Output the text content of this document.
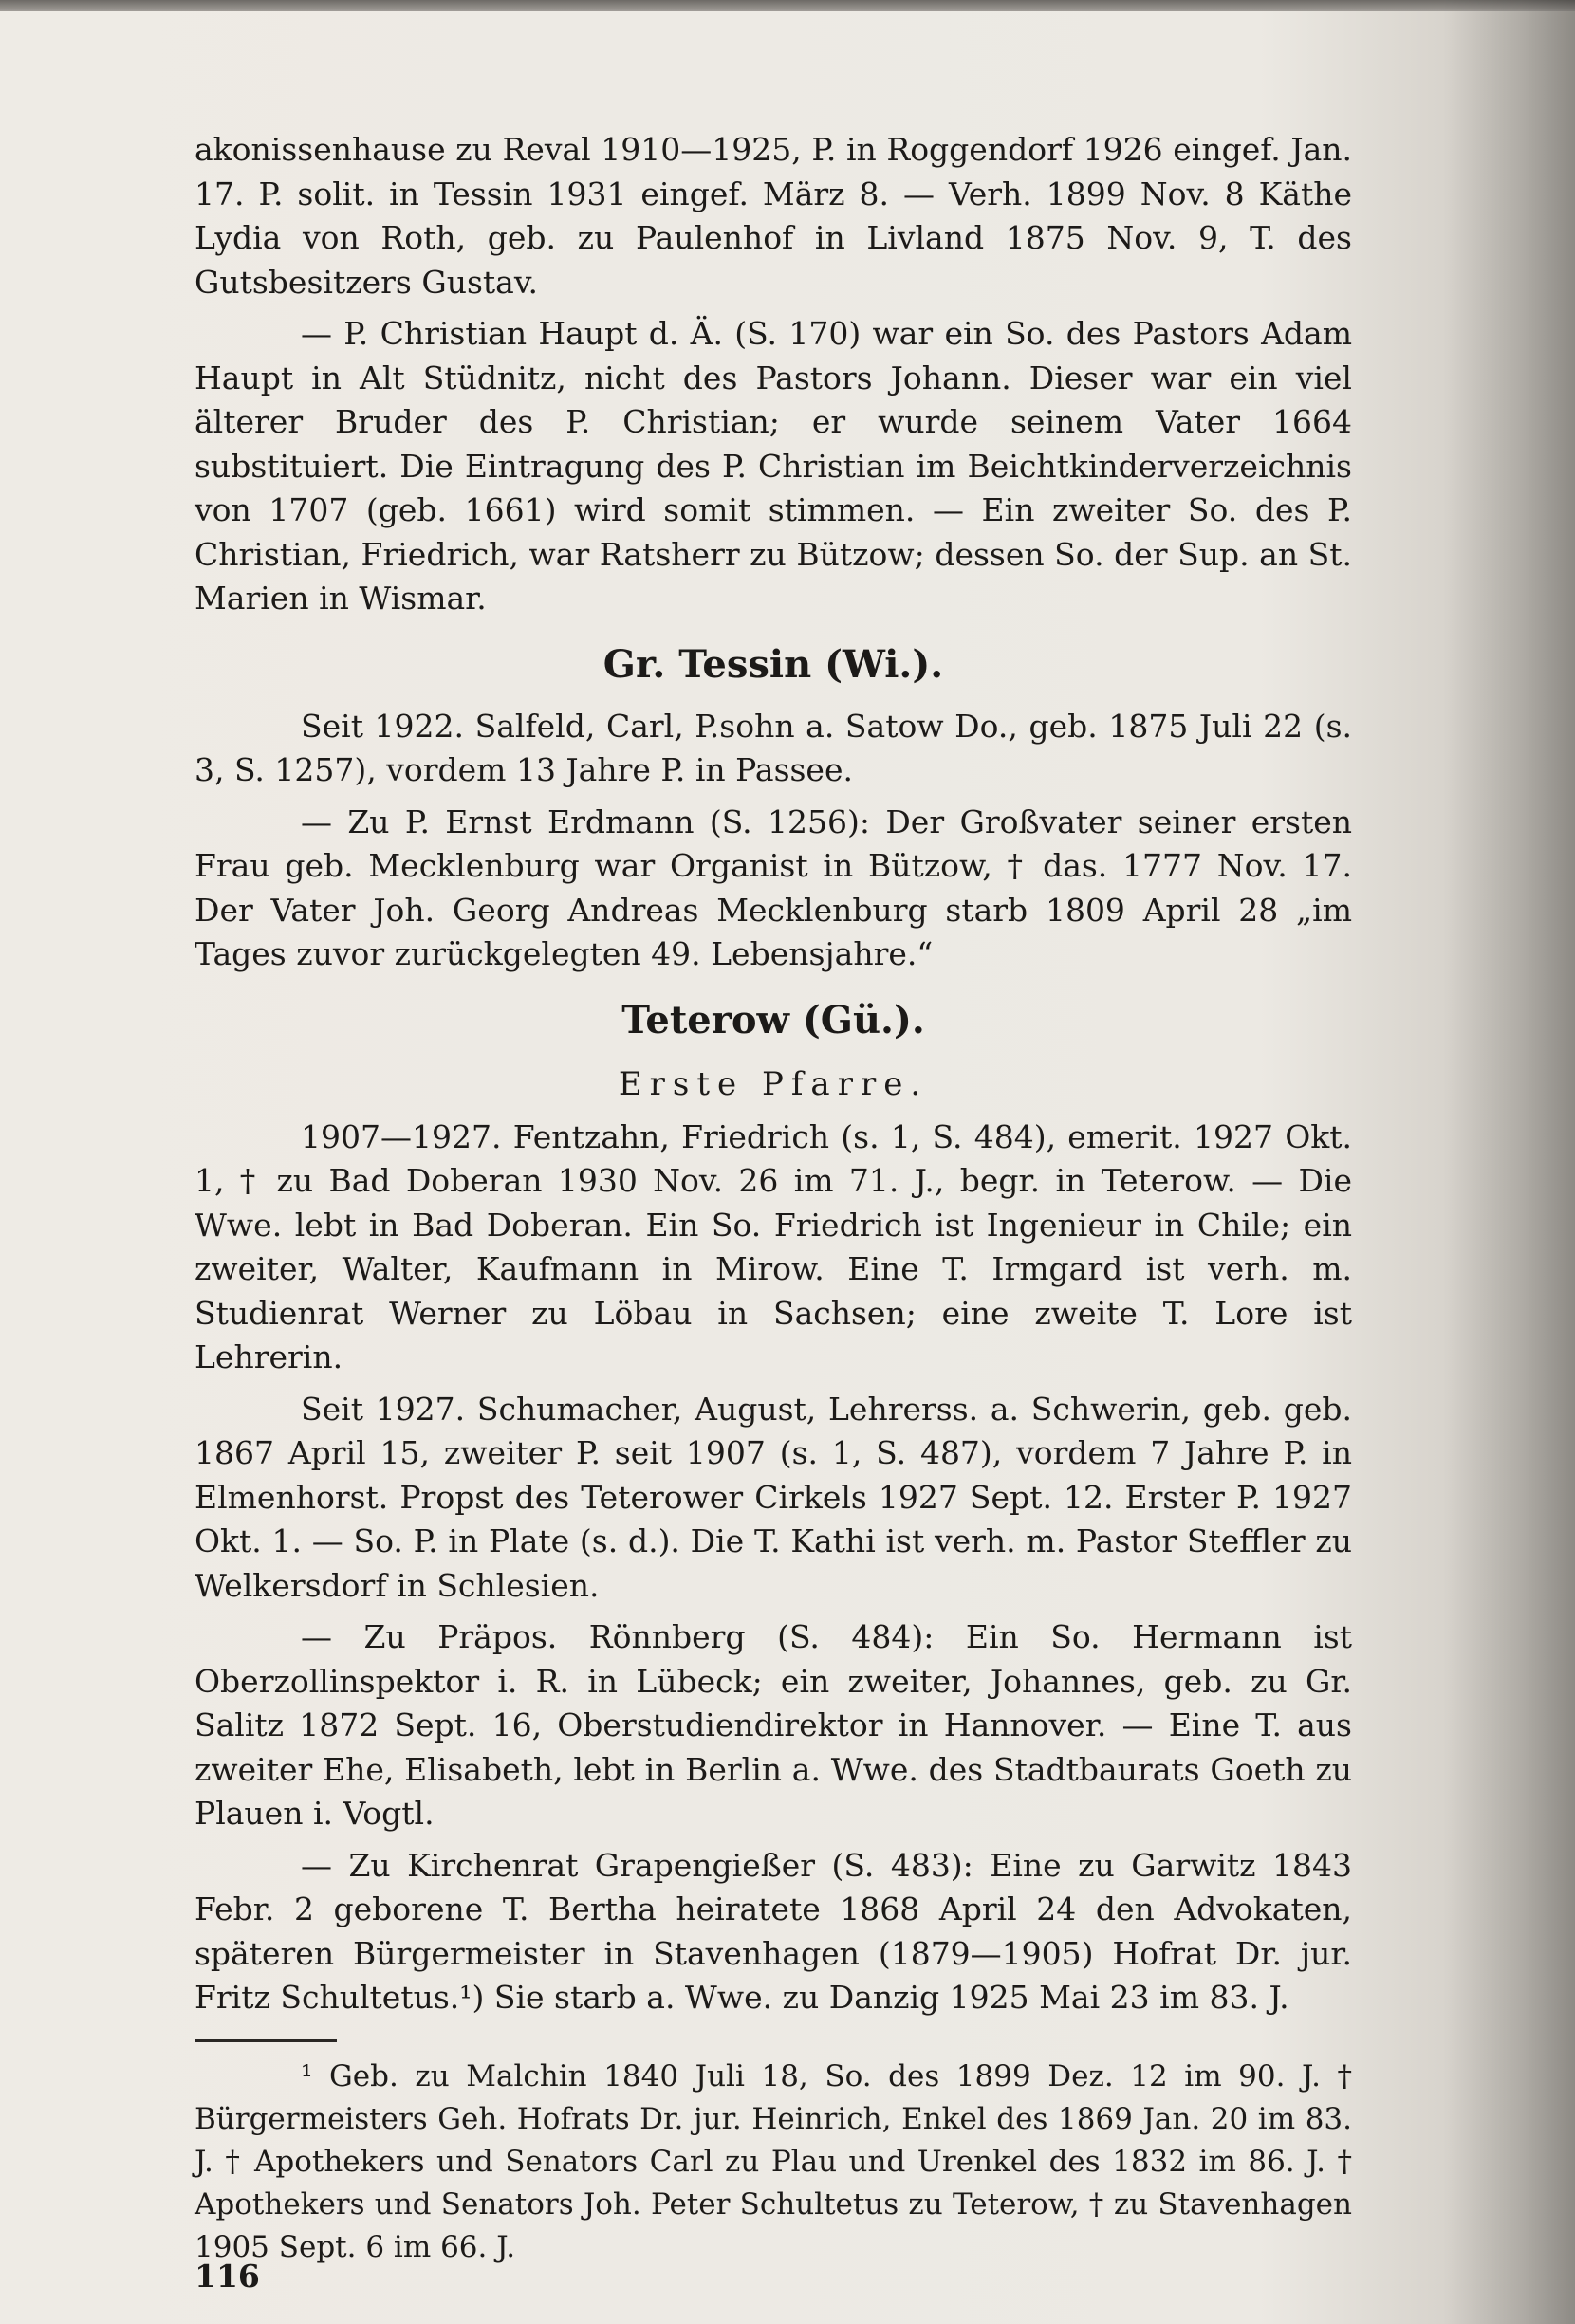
akonissenhause zu Reval 1910—1925, P. in Roggendorf 1926 eingef. Jan. 17. P. solit. in Tessin 1931 eingef. März 8. — Verh. 1899 Nov. 8 Käthe Lydia von Roth, geb. zu Paulenhof in Livland 1875 Nov. 9, T. des Gutsbesitzers Gustav.

— P. Christian Haupt d. Ä. (S. 170) war ein So. des Pastors Adam Haupt in Alt Stüdnitz, nicht des Pastors Johann. Dieser war ein viel älterer Bruder des P. Christian; er wurde seinem Vater 1664 substituiert. Die Eintragung des P. Christian im Beichtkinderverzeichnis von 1707 (geb. 1661) wird somit stimmen. — Ein zweiter So. des P. Christian, Friedrich, war Ratsherr zu Bützow; dessen So. der Sup. an St. Marien in Wismar.

Gr. Tessin (Wi.).

Seit 1922. Salfeld, Carl, P.sohn a. Satow Do., geb. 1875 Juli 22 (s. 3, S. 1257), vordem 13 Jahre P. in Passee.

— Zu P. Ernst Erdmann (S. 1256): Der Großvater seiner ersten Frau geb. Mecklenburg war Organist in Bützow, † das. 1777 Nov. 17. Der Vater Joh. Georg Andreas Mecklenburg starb 1809 April 28 „im Tages zuvor zurückgelegten 49. Lebensjahre.“

Teterow (Gü.).
Erste Pfarre.

1907—1927. Fentzahn, Friedrich (s. 1, S. 484), emerit. 1927 Okt. 1, † zu Bad Doberan 1930 Nov. 26 im 71. J., begr. in Teterow. — Die Wwe. lebt in Bad Doberan. Ein So. Friedrich ist Ingenieur in Chile; ein zweiter, Walter, Kaufmann in Mirow. Eine T. Irmgard ist verh. m. Studienrat Werner zu Löbau in Sachsen; eine zweite T. Lore ist Lehrerin.

Seit 1927. Schumacher, August, Lehrerss. a. Schwerin, geb. geb. 1867 April 15, zweiter P. seit 1907 (s. 1, S. 487), vordem 7 Jahre P. in Elmenhorst. Propst des Teterower Cirkels 1927 Sept. 12. Erster P. 1927 Okt. 1. — So. P. in Plate (s. d.). Die T. Kathi ist verh. m. Pastor Steffler zu Welkersdorf in Schlesien.

— Zu Präpos. Rönnberg (S. 484): Ein So. Hermann ist Oberzollinspektor i. R. in Lübeck; ein zweiter, Johannes, geb. zu Gr. Salitz 1872 Sept. 16, Oberstudiendirektor in Hannover. — Eine T. aus zweiter Ehe, Elisabeth, lebt in Berlin a. Wwe. des Stadtbaurats Goeth zu Plauen i. Vogtl.

— Zu Kirchenrat Grapengießer (S. 483): Eine zu Garwitz 1843 Febr. 2 geborene T. Bertha heiratete 1868 April 24 den Advokaten, späteren Bürgermeister in Stavenhagen (1879—1905) Hofrat Dr. jur. Fritz Schultetus.¹) Sie starb a. Wwe. zu Danzig 1925 Mai 23 im 83. J.

¹ Geb. zu Malchin 1840 Juli 18, So. des 1899 Dez. 12 im 90. J. † Bürgermeisters Geh. Hofrats Dr. jur. Heinrich, Enkel des 1869 Jan. 20 im 83. J. † Apothekers und Senators Carl zu Plau und Urenkel des 1832 im 86. J. † Apothekers und Senators Joh. Peter Schultetus zu Teterow, † zu Stavenhagen 1905 Sept. 6 im 66. J.

116
